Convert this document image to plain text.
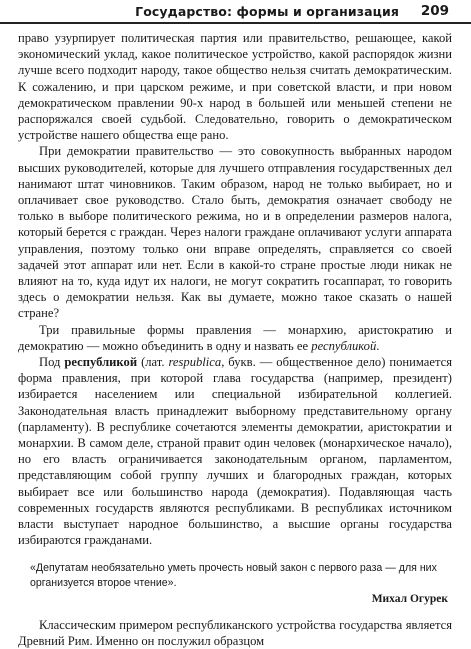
Государство: формы и организация	209

право узурпирует политическая партия или правительство, решающее, какой экономический уклад, какое политическое устройство, какой распорядок жизни лучше всего подходит народу, такое общество нельзя считать демократическим. К сожалению, и при царском режиме, и при советской власти, и при новом демократическом правлении 90-х народ в большей или меньшей степени не распоряжался своей судьбой. Следовательно, говорить о демократическом устройстве нашего общества еще рано.

При демократии правительство — это совокупность выбранных народом высших руководителей, которые для лучшего отправления государственных дел нанимают штат чиновников. Таким образом, народ не только выбирает, но и оплачивает свое руководство. Стало быть, демократия означает свободу не только в выборе политического режима, но и в определении размеров налога, который берется с граждан. Через налоги граждане оплачивают услуги аппарата управления, поэтому только они вправе определять, справляется со своей задачей этот аппарат или нет. Если в какой-то стране простые люди никак не влияют на то, куда идут их налоги, не могут сократить госаппарат, то говорить здесь о демократии нельзя. Как вы думаете, можно такое сказать о нашей стране?

Три правильные формы правления — монархию, аристократию и демократию — можно объединить в одну и назвать ее республикой.

Под республикой (лат. respublica, букв. — общественное дело) понимается форма правления, при которой глава государства (например, президент) избирается населением или специальной избирательной коллегией. Законодательная власть принадлежит выборному представительному органу (парламенту). В республике сочетаются элементы демократии, аристократии и монархии. В самом деле, страной правит один человек (монархическое начало), но его власть ограничивается законодательным органом, парламентом, представляющим собой группу лучших и благородных граждан, которых выбирает все или большинство народа (демократия). Подавляющая часть современных государств являются республиками. В республиках источником власти выступает народное большинство, а высшие органы государства избираются гражданами.

«Депутатам необязательно уметь прочесть новый закон с первого раза — для них организуется второе чтение».
Михал Огурек

Классическим примером республиканского устройства государства является Древний Рим. Именно он послужил образцом
